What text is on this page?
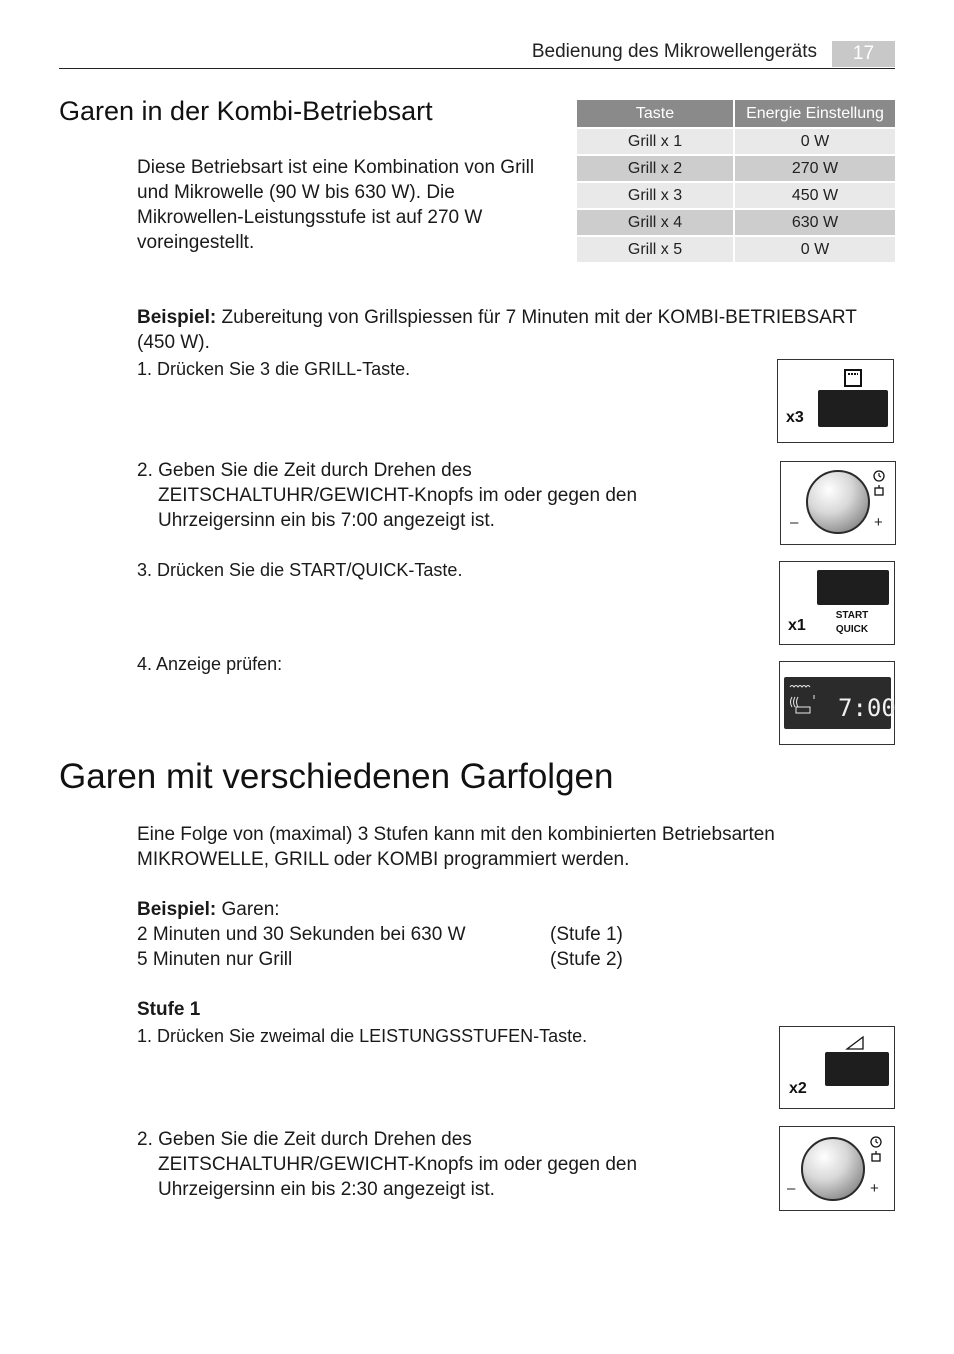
Bedienung des Mikrowellengeräts	17
Garen in der Kombi-Betriebsart
Diese Betriebsart ist eine Kombination von Grill
und Mikrowelle (90 W bis 630 W). Die
Mikrowellen-Leistungsstufe ist auf 270 W
voreingestellt.
Taste	Energie Einstellung
Grill x 1	0 W
Grill x 2	270 W
Grill x 3	450 W
Grill x 4	630 W
Grill x 5	0 W
Beispiel: Zubereitung von Grillspiessen für 7 Minuten mit der KOMBI-BETRIEBSART
(450 W).
1. Drücken Sie 3 die GRILL-Taste.
2. Geben Sie die Zeit durch Drehen des
ZEITSCHALTUHR/GEWICHT-Knopfs im oder gegen den
Uhrzeigersinn ein bis 7:00 angezeigt ist.
3. Drücken Sie die START/QUICK-Taste.
4. Anzeige prüfen:
x3
–	+
START
QUICK
x1
7:00
Garen mit verschiedenen Garfolgen
Eine Folge von (maximal) 3 Stufen kann mit den kombinierten Betriebsarten
MIKROWELLE, GRILL oder KOMBI programmiert werden.
Beispiel: Garen:
2 Minuten und 30 Sekunden bei 630 W	(Stufe 1)
5 Minuten nur Grill	(Stufe 2)
Stufe 1
1. Drücken Sie zweimal die LEISTUNGSSTUFEN-Taste.
2. Geben Sie die Zeit durch Drehen des
ZEITSCHALTUHR/GEWICHT-Knopfs im oder gegen den
Uhrzeigersinn ein bis 2:30 angezeigt ist.
x2
–	+
